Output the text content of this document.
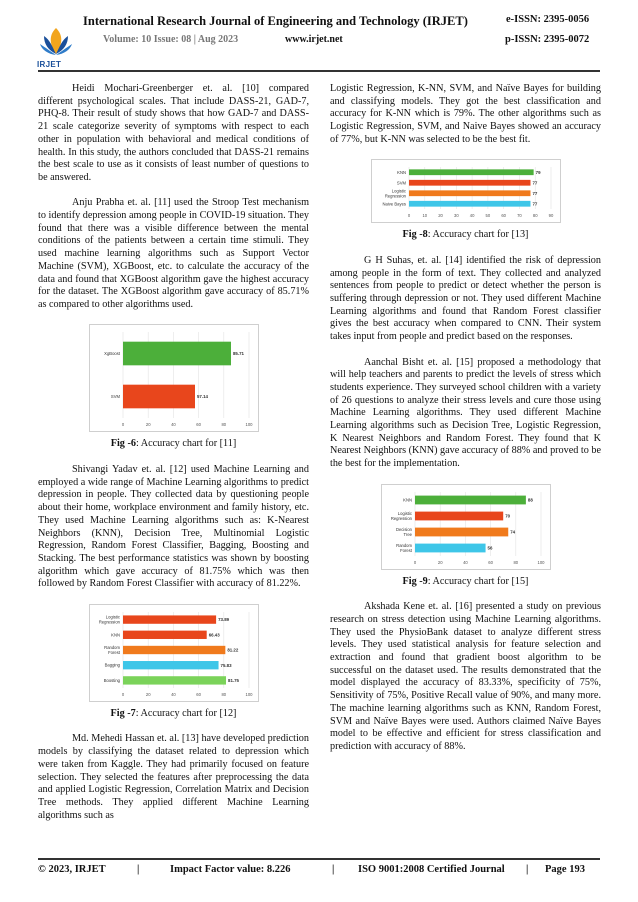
IRJET
International Research Journal of Engineering and Technology (IRJET)	e-ISSN: 2395-0056
Volume: 10 Issue: 08 | Aug 2023	www.irjet.net	p-ISSN: 2395-0072

Heidi Mochari-Greenberger et. al. [10] compared different psychological scales. That include DASS-21, GAD-7, PHQ-8. Their result of study shows that how GAD-7 and DASS-21 scale categorize severity of symptoms with respect to each other in population with behavioral and medical conditions of health. In this study, the authors concluded that DASS-21 remains the best scale to use as it consists of least number of questions to be answered.

Anju Prabha et. al. [11] used the Stroop Test mechanism to identify depression among people in COVID-19 situation. They found that there was a visible difference between the mental conditions of the patients between a certain time stimuli. They used machine learning algorithms such as Support Vector Machine (SVM), XGBoost, etc. to calculate the accuracy of the data and found that XGBoost algorithm gave the highest accuracy for the dataset. The XGBoost algorithm gave accuracy of 85.71% as compared to other algorithms used.

0	20	40	60	80	100
XgBoost	85.71
SVM	57.14
Fig -6: Accuracy chart for [11]

Shivangi Yadav et. al. [12] used Machine Learning and employed a wide range of Machine Learning algorithms to predict depression in people. They collected data by questioning people about their home, workplace environment and family history, etc. They used Machine Learning algorithms such as: K-Nearest Neighbors (KNN), Decision Tree, Multinomial Logistic Regression, Random Forest Classifier, Bagging, Boosting and Stacking. The best performance statistics was shown by boosting algorithm which gave accuracy of 81.75% which was then followed by Random Forest Classifier with accuracy of 81.22%.

0	20	40	60	80	100
Logistic
Regression	73.89
KNN	66.43
Random
Forest	81.22
Bagging	75.83
Boosting	81.75
Fig -7: Accuracy chart for [12]

Md. Mehedi Hassan et. al. [13] have developed prediction models by classifying the dataset related to depression which were taken from Kaggle. They had primarily focused on feature selection. They selected the features after preprocessing the data and applied Logistic Regression, Correlation Matrix and Decision Tree methods. They applied different Machine Learning algorithms such as

Logistic Regression, K-NN, SVM, and Naïve Bayes for building and classifying models. They got the best classification and accuracy for K-NN which is 79%. The other algorithms such as Logistic Regression, SVM, and Naive Bayes showed an accuracy of 77%, but K-NN was selected to be the best fit.

0	10	20	30	40	50	60	70	80	90
KNN	79
SVM	77
Logistic
Regression	77
Naive Bayes	77
Fig -8: Accuracy chart for [13]

G H Suhas, et. al. [14] identified the risk of depression among people in the form of text. They collected and analyzed sentences from people to predict or detect whether the person is suffering through depression or not. They used different Machine Learning algorithms and found that Random Forest classifier gives the best accuracy when compared to CNN. Their system takes input from people and predict based on the responses.

Aanchal Bisht et. al. [15] proposed a methodology that will help teachers and parents to predict the levels of stress which students experience. They surveyed school children with a variety of 26 questions to analyze their stress levels and cure those using Machine Learning algorithms. They used different Machine Learning algorithms such as Decision Tree, Logistic Regression, K Nearest Neighbors and Random Forest. They found that K Nearest Neighbors (KNN) gave accuracy of 88% and proved to be the best for the implementation.

0	20	40	60	80	100
KNN	88
Logistic
Regression	70
Decision
Tree	74
Random
Forest	56
Fig -9: Accuracy chart for [15]

Akshada Kene et. al. [16] presented a study on previous research on stress detection using Machine Learning algorithms. They used the PhysioBank dataset to analyze different stress levels. They used statistical analysis for feature selection and extraction and found that gradient boost algorithm to be successful on the dataset used. The results demonstrated that the model displayed the accuracy of 83.33%, specificity of 75%, Sensitivity of 75%, Positive Recall value of 90%, and many more. The machine learning algorithms such as KNN, Random Forest, SVM and Naïve Bayes were used. Authors claimed Naïve Bayes model to be effective and efficient for stress classification and prediction with accuracy of 88%.

© 2023, IRJET	|	Impact Factor value: 8.226	| ISO 9001:2008 Certified Journal | Page 193
